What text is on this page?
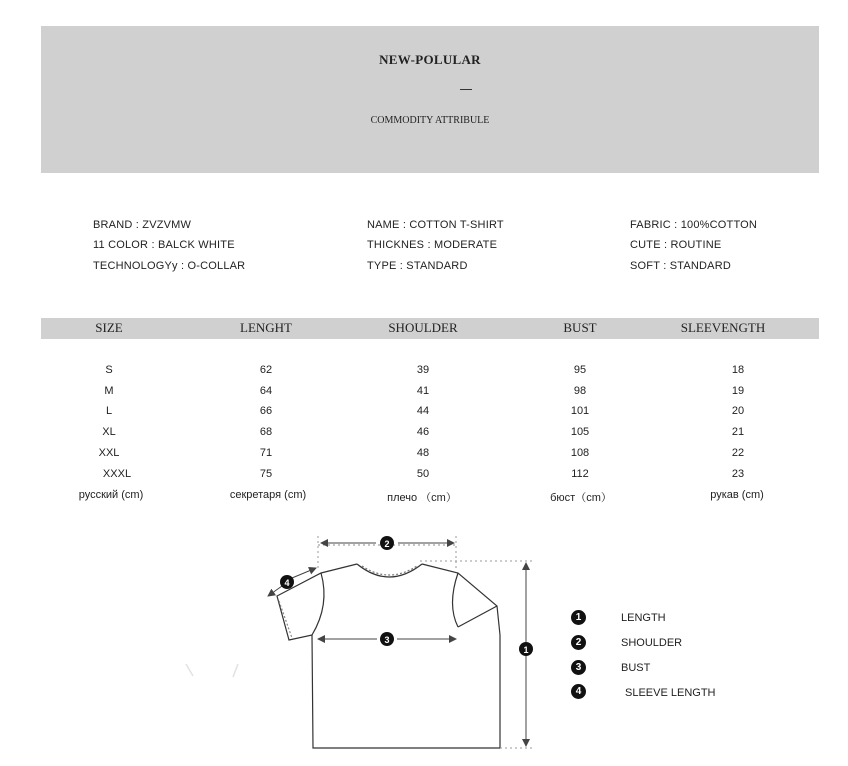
NEW-POLULAR
COMMODITY ATTRIBULE
BRAND : ZVZVMW
11 COLOR : BALCK WHITE
TECHNOLOGYy : O-COLLAR
NAME : COTTON T-SHIRT
THICKNES : MODERATE
TYPE : STANDARD
FABRIC : 100%COTTON
CUTE : ROUTINE
SOFT : STANDARD
SIZE	LENGHT	SHOULDER	BUST	SLEEVENGTH
S	62	39	95	18
M	64	41	98	19
L	66	44	101	20
XL	68	46	105	21
XXL	71	48	108	22
XXXL	75	50	112	23
русский (cm)	секретаря (cm)	плечо （cm）	бюст（cm）	рукав (cm)
2
3
4
1
1	LENGTH
2	SHOULDER
3	BUST
4	SLEEVE LENGTH
